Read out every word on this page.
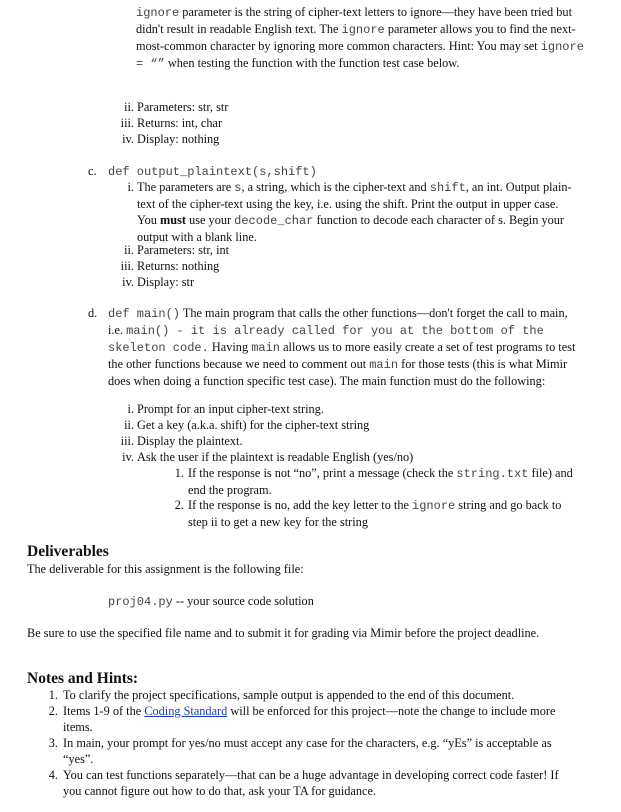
ignore parameter is the string of cipher-text letters to ignore—they have been tried but didn't result in readable English text. The ignore parameter allows you to find the next-most-common character by ignoring more common characters. Hint: You may set ignore = “” when testing the function with the function test case below.
ii. Parameters: str, str
iii. Returns: int, char
iv. Display: nothing
c. def output_plaintext(s,shift)
i. The parameters are s, a string, which is the cipher-text and shift, an int. Output plain-text of the cipher-text using the key, i.e. using the shift. Print the output in upper case. You must use your decode_char function to decode each character of s. Begin your output with a blank line.
ii. Parameters: str, int
iii. Returns: nothing
iv. Display: str
d. def main() The main program that calls the other functions—don't forget the call to main, i.e. main() - it is already called for you at the bottom of the skeleton code. Having main allows us to more easily create a set of test programs to test the other functions because we need to comment out main for those tests (this is what Mimir does when doing a function specific test case). The main function must do the following:
i. Prompt for an input cipher-text string.
ii. Get a key (a.k.a. shift) for the cipher-text string
iii. Display the plaintext.
iv. Ask the user if the plaintext is readable English (yes/no)
1. If the response is not “no”, print a message (check the string.txt file) and end the program.
2. If the response is no, add the key letter to the ignore string and go back to step ii to get a new key for the string
Deliverables
The deliverable for this assignment is the following file:
proj04.py -- your source code solution
Be sure to use the specified file name and to submit it for grading via Mimir before the project deadline.
Notes and Hints:
1. To clarify the project specifications, sample output is appended to the end of this document.
2. Items 1-9 of the Coding Standard will be enforced for this project—note the change to include more items.
3. In main, your prompt for yes/no must accept any case for the characters, e.g. “yEs” is acceptable as “yes”.
4. You can test functions separately—that can be a huge advantage in developing correct code faster! If you cannot figure out how to do that, ask your TA for guidance.
